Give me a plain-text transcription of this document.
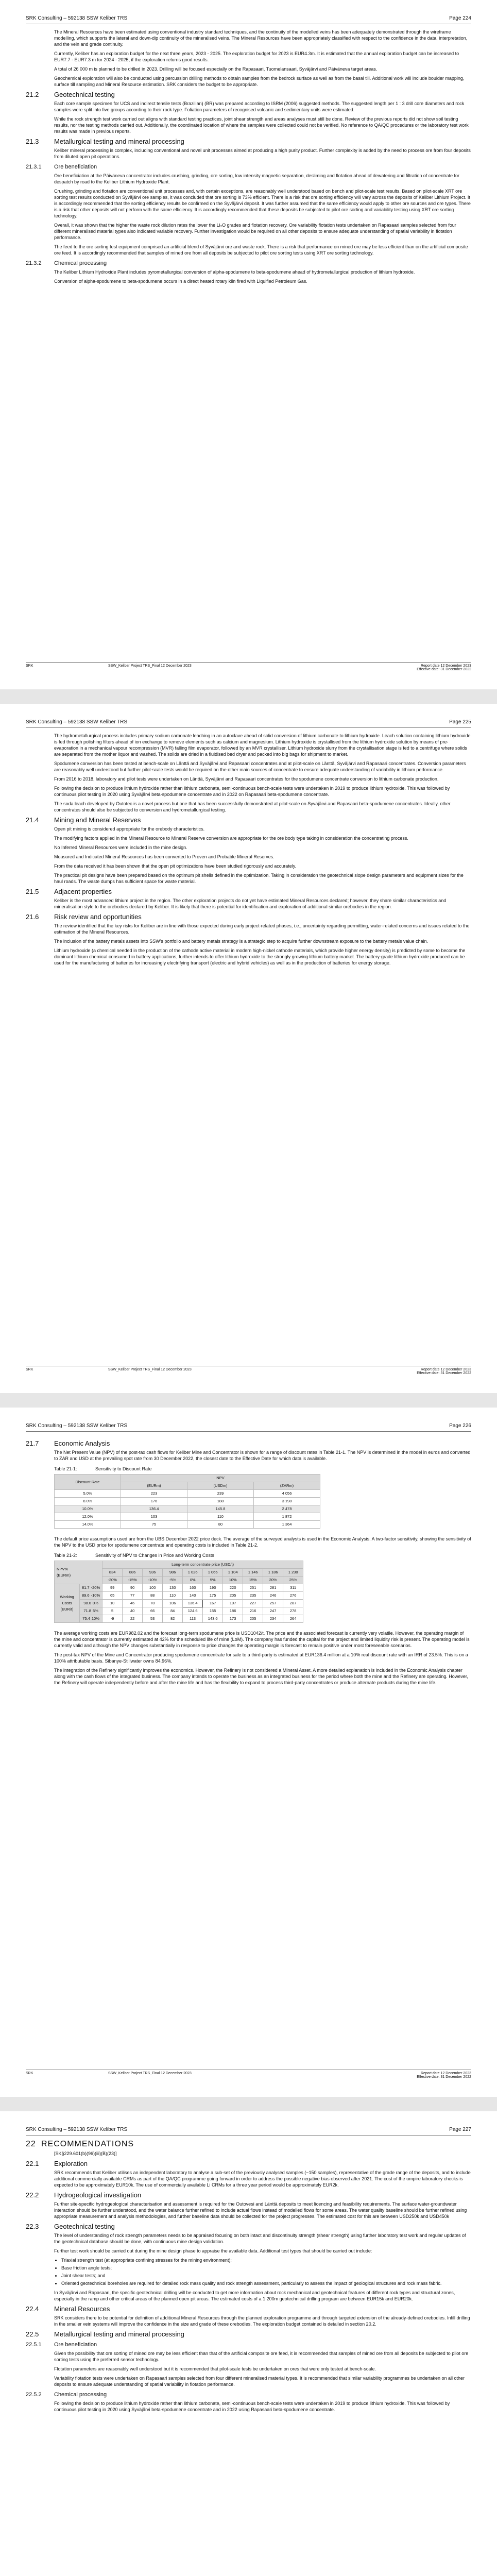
SRK Consulting – 592138 SSW Keliber TRS	Page 224

The Mineral Resources have been estimated using conventional industry standard techniques, and the continuity of the modelled veins has been adequately demonstrated through the wireframe modelling, which supports the lateral and down-dip continuity of the mineralised veins. The Mineral Resources have been appropriately classified with respect to the confidence in the data, interpretation, and the vein and grade continuity.

Currently, Keliber has an exploration budget for the next three years, 2023 - 2025. The exploration budget for 2023 is EUR4.3m. It is estimated that the annual exploration budget can be increased to EUR7.7 - EUR7.3 m for 2024 - 2025, if the exploration returns good results.

A total of 26 000 m is planned to be drilled in 2023. Drilling will be focused especially on the Rapasaari, Tuomelansaari, Syväjärvi and Päiväneva target areas.

Geochemical exploration will also be conducted using percussion drilling methods to obtain samples from the bedrock surface as well as from the basal till. Additional work will include boulder mapping, surface till sampling and Mineral Resource estimation. SRK considers the budget to be appropriate.

21.2 Geotechnical testing

Each core sample specimen for UCS and indirect tensile tests (Brazilian) (BR) was prepared according to ISRM (2006) suggested methods. The suggested length per 1 : 3 drill core diameters and rock samples were split into five groups according to their rock type. Foliation parameters of recognised volcanic and sedimentary units were estimated.

While the rock strength test work carried out aligns with standard testing practices, joint shear strength and areas analyses must still be done. Review of the previous reports did not show soil testing results, nor the testing methods carried out. Additionally, the coordinated location of where the samples were collected could not be verified. No reference to QA/QC procedures or the laboratory test work results was made in previous reports.

21.3 Metallurgical testing and mineral processing

Keliber mineral processing is complex, including conventional and novel unit processes aimed at producing a high purity product. Further complexity is added by the need to process ore from four deposits from diluted open pit operations.

21.3.1 Ore beneficiation

Ore beneficiation at the Päiväneva concentrator includes crushing, grinding, ore sorting, low intensity magnetic separation, desliming and flotation ahead of dewatering and filtration of concentrate for despatch by road to the Keliber Lithium Hydroxide Plant.

Crushing, grinding and flotation are conventional unit processes and, with certain exceptions, are reasonably well understood based on bench and pilot-scale test results. Based on pilot-scale XRT ore sorting test results conducted on Syväjärvi ore samples, it was concluded that ore sorting is 73% efficient. There is a risk that ore sorting efficiency will vary across the deposits of Keliber Lithium Project. It is accordingly recommended that the sorting efficiency results be confirmed on the Syväjärvi deposit. It was further assumed that the same efficiency would apply to other ore sources and ore types. There is a risk that other deposits will not perform with the same efficiency. It is accordingly recommended that these deposits be subjected to pilot ore sorting and variability testing using XRT ore sorting technology.

Overall, it was shown that the higher the waste rock dilution rates the lower the Li₂O grades and flotation recovery. Ore variability flotation tests undertaken on Rapasaari samples selected from four different mineralised material types also indicated variable recovery. Further investigation would be required on all other deposits to ensure adequate understanding of spatial variability in flotation performance.

The feed to the ore sorting test equipment comprised an artificial blend of Syväjärvi ore and waste rock. There is a risk that performance on mined ore may be less efficient than on the artificial composite ore feed. It is accordingly recommended that samples of mined ore from all deposits be subjected to pilot ore sorting tests using XRT ore sorting technology.

21.3.2 Chemical processing

The Keliber Lithium Hydroxide Plant includes pyrometallurgical conversion of alpha-spodumene to beta-spodumene ahead of hydrometallurgical production of lithium hydroxide.

Conversion of alpha-spodumene to beta-spodumene occurs in a direct heated rotary kiln fired with Liquified Petroleum Gas.

SRK	SSW_Keliber Project TRS_Final 12 December 2023	Report date 12 December 2023
Effective date: 31 December 2022
SRK Consulting – 592138 SSW Keliber TRS	Page 225

The hydrometallurgical process includes primary sodium carbonate leaching in an autoclave ahead of solid conversion of lithium carbonate to lithium hydroxide. Leach solution containing lithium hydroxide is fed through polishing filters ahead of ion exchange to remove elements such as calcium and magnesium. Lithium hydroxide is crystallised from the lithium hydroxide solution by means of pre-evaporation in a mechanical vapour recompression (MVR) falling film evaporator, followed by an MVR crystalliser. Lithium hydroxide slurry from the crystallisation stage is fed to a centrifuge where solids are separated from the mother liquor and washed. The solids are dried in a fluidised bed dryer and packed into big bags for shipment to market.

Spodumene conversion has been tested at bench-scale on Länttä and Syväjärvi and Rapasaari concentrates and at pilot-scale on Länttä, Syväjärvi and Rapasaari concentrates. Conversion parameters are reasonably well understood but further pilot-scale tests would be required on the other main sources of concentrate to ensure adequate understanding of variability in lithium performance.

From 2016 to 2018, laboratory and pilot tests were undertaken on Länttä, Syväjärvi and Rapasaari concentrates for the spodumene concentrate conversion to lithium carbonate production.

Following the decision to produce lithium hydroxide rather than lithium carbonate, semi-continuous bench-scale tests were undertaken in 2019 to produce lithium hydroxide. This was followed by continuous pilot testing in 2020 using Syväjärvi beta-spodumene concentrate and in 2022 on Rapasaari beta-spodumene concentrate.

The soda leach developed by Outotec is a novel process but one that has been successfully demonstrated at pilot-scale on Syväjärvi and Rapasaari beta-spodumene concentrates. Ideally, other concentrates should also be subjected to conversion and hydrometallurgical testing.

21.4 Mining and Mineral Reserves

Open pit mining is considered appropriate for the orebody characteristics.

The modifying factors applied in the Mineral Resource to Mineral Reserve conversion are appropriate for the ore body type taking in consideration the concentrating process.

No Inferred Mineral Resources were included in the mine design.

Measured and Indicated Mineral Resources has been converted to Proven and Probable Mineral Reserves.

From the data received it has been shown that the open pit optimizations have been studied rigorously and accurately.

The practical pit designs have been prepared based on the optimum pit shells defined in the optimization. Taking in consideration the geotechnical slope design parameters and equipment sizes for the haul roads. The waste dumps has sufficient space for waste material.

21.5 Adjacent properties

Keliber is the most advanced lithium project in the region. The other exploration projects do not yet have estimated Mineral Resources declared; however, they share similar characteristics and mineralisation style to the orebodies declared by Keliber. It is likely that there is potential for identification and exploration of additional similar orebodies in the region.

21.6 Risk review and opportunities

The review identified that the key risks for Keliber are in line with those expected during early project-related phases, i.e., uncertainty regarding permitting, water-related concerns and issues related to the estimation of the Mineral Resources.

The inclusion of the battery metals assets into SSW's portfolio and battery metals strategy is a strategic step to acquire further downstream exposure to the battery metals value chain.

Lithium hydroxide (a chemical needed in the production of the cathode active material in modern high-nickel cathode materials, which provide higher energy density) is predicted by some to become the dominant lithium chemical consumed in battery applications, further intends to offer lithium hydroxide to the strongly growing lithium battery market. The battery-grade lithium hydroxide produced can be used for the manufacturing of batteries for increasingly electrifying transport (electric and hybrid vehicles) as well as in the production of batteries for energy storage.

SRK	SSW_Keliber Project TRS_Final 12 December 2023	Report date 12 December 2023
Effective date: 31 December 2022
SRK Consulting – 592138 SSW Keliber TRS	Page 226
21.7 Economic Analysis

The Net Present Value (NPV) of the post-tax cash flows for Keliber Mine and Concentrator is shown for a range of discount rates in Table 21-1. The NPV is determined in the model in euros and converted to ZAR and USD at the prevailing spot rate from 30 December 2022, the closest date to the Effective Date for which data is available.

Table 21-1:	Sensitivity to Discount Rate
Discount Rate	NPV		
	(EURm)	(USDm)	(ZARm)
5.0%	223	239	4 056
8.0%	176	188	3 198
10.0%	136.4	145.8	2 478
12.0%	103	110	1 872
14.0%	75	80	1 364

The default price assumptions used are from the UBS December 2022 price deck. The average of the surveyed analysts is used in the Economic Analysis. A two-factor sensitivity, showing the sensitivity of the NPV to the USD price for spodumene concentrate and operating costs is included in Table 21-2.

Table 21-2:	Sensitivity of NPV to Changes in Price and Working Costs
NPV%
(EURm)		Long-term concentrate price (USD/t)									
		834	886	936	986	1 026	1 066	1 104	1 146	1 186	1 230
		-20%	-15%	-10%	-5%	0%	5%	10%	15%	20%	25%
Working Costs (EUR/t)	81.7 -20%	99	90	100	130	160	190	220	251	281	311
	89.6 -10%	65	77	88	110	140	175	205	235	246	276
	98.6 0%	10	46	78	106	136.4	167	197	227	257	287
	71.8 5%	5	40	66	84	124.6	155	186	216	247	278
	75.4 10%	-9	22	53	82	113	143.6	173	205	234	264

The average working costs are EUR982.02 and the forecast long-term spodumene price is USD1042/t. The price and the associated forecast is currently very volatile. However, the operating margin of the mine and concentrator is currently estimated at 42% for the scheduled life of mine (LoM). The company has funded the capital for the project and limited liquidity risk is present. The operating model is currently valid and although the NPV changes substantially in response to price changes the operating margin is forecast to remain positive under most foreseeable scenarios.

The post-tax NPV of the Mine and Concentrator producing spodumene concentrate for sale to a third-party is estimated at EUR136.4 million at a 10% real discount rate with an IRR of 23.5%. This is on a 100% attributable basis. Sibanye-Stillwater owns 84.96%.

The integration of the Refinery significantly improves the economics. However, the Refinery is not considered a Mineral Asset. A more detailed explanation is included in the Economic Analysis chapter along with the cash flows of the integrated business. The company intends to operate the business as an integrated business for the period where both the mine and the Refinery are operating. However, the Refinery will operate independently before and after the mine life and has the flexibility to expand to process third-party concentrates or produce alternate products during the mine life.

SRK	SSW_Keliber Project TRS_Final 12 December 2023	Report date 12 December 2023
Effective date: 31 December 2022
SRK Consulting – 592138 SSW Keliber TRS	Page 227
22 RECOMMENDATIONS

[SK§229.601(b)(96)(iii)(B)(23)]

22.1 Exploration

SRK recommends that Keliber utilises an independent laboratory to analyse a sub-set of the previously analysed samples (~150 samples), representative of the grade range of the deposits, and to include additional commercially available CRMs as part of the QA/QC programme going forward in order to address the possible negative bias observed after 2021. The cost of the umpire laboratory checks is expected to be approximately EUR10k. The use of commercially available Li CRMs for a three year period would be approximately EUR2k.

22.2 Hydrogeological investigation

Further site-specific hydrogeological characterisation and assessment is required for the Outovesi and Länttä deposits to meet licencing and feasibility requirements. The surface water-groundwater interaction should be further understood, and the water balance further refined to include actual flows instead of modelled flows for some areas. The water quality baseline should be further refined using appropriate measurement and analysis methodologies, and further baseline data should be collected for the project progresses. The estimated cost for this are between USD250k and USD450k

22.3 Geotechnical testing

The level of understanding of rock strength parameters needs to be appraised focusing on both intact and discontinuity strength (shear strength) using further laboratory test work and regular updates of the geotechnical database should be done, with continuous mine design validation.

Further test work should be carried out during the mine design phase to appraise the available data. Additional test types that should be carried out include:

• Triaxial strength test (at appropriate confining stresses for the mining environment);
• Base friction angle tests;
• Joint shear tests; and
• Oriented geotechnical boreholes are required for detailed rock mass quality and rock strength assessment, particularly to assess the impact of geological structures and rock mass fabric.

In Syväjärvi and Rapasaari, the specific geotechnical drilling will be conducted to get more information about rock mechanical and geotechnical features of different rock types and structural zones, especially in the ramp and other critical areas of the planned open pit areas. The estimated costs of a 1 200m geotechnical drilling program are between EUR15k and EUR20k.

22.4 Mineral Resources

SRK considers there to be potential for definition of additional Mineral Resources through the planned exploration programme and through targeted extension of the already-defined orebodies. Infill drilling in the smaller vein systems will improve the confidence in the size and grade of these orebodies. The exploration budget contained is detailed in section 20.2.

22.5 Metallurgical testing and mineral processing
22.5.1 Ore beneficiation

Given the possibility that ore sorting of mined ore may be less efficient than that of the artificial composite ore feed, it is recommended that samples of mined ore from all deposits be subjected to pilot ore sorting tests using the preferred sensor technology.

Flotation parameters are reasonably well understood but it is recommended that pilot-scale tests be undertaken on ores that were only tested at bench-scale.

Variability flotation tests were undertaken on Rapasaari samples selected from four different mineralised material types. It is recommended that similar variability programmes be undertaken on all other deposits to ensure adequate understanding of spatial variability in flotation performance.

22.5.2 Chemical processing

Following the decision to produce lithium hydroxide rather than lithium carbonate, semi-continuous bench-scale tests were undertaken in 2019 to produce lithium hydroxide. This was followed by continuous pilot testing in 2020 using Syväjärvi beta-spodumene concentrate and in 2022 using Rapasaari beta-spodumene concentrate.
